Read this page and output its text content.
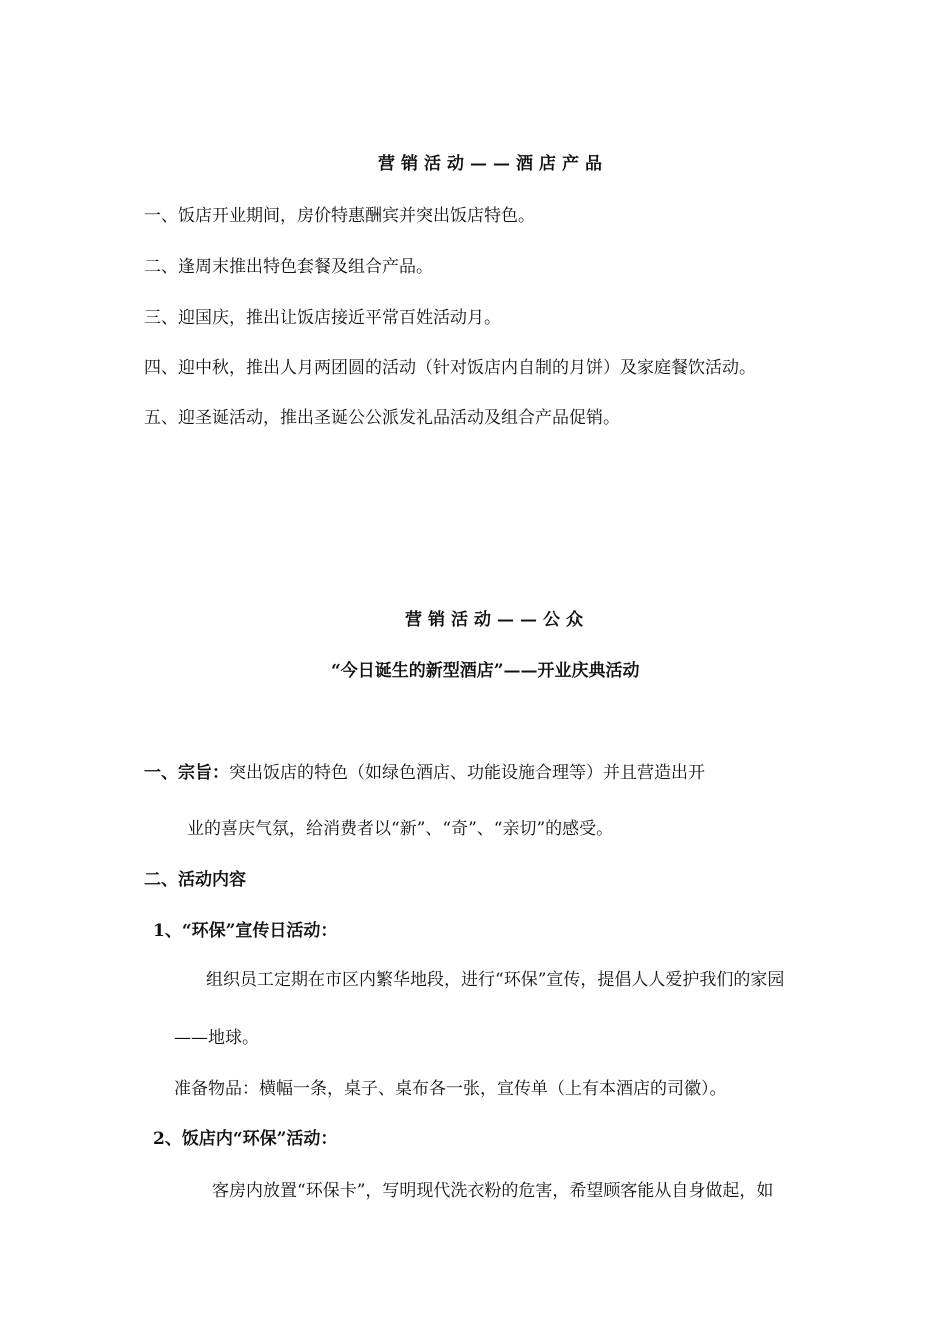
营销活动——酒店产品
一、饭店开业期间，房价特惠酬宾并突出饭店特色。
二、逢周末推出特色套餐及组合产品。
三、迎国庆，推出让饭店接近平常百姓活动月。
四、迎中秋，推出人月两团圆的活动（针对饭店内自制的月饼）及家庭餐饮活动。
五、迎圣诞活动，推出圣诞公公派发礼品活动及组合产品促销。
营销活动——公众
“今日诞生的新型酒店”——开业庆典活动
一、宗旨：突出饭店的特色（如绿色酒店、功能设施合理等）并且营造出开
业的喜庆气氛，给消费者以“新”、“奇”、“亲切”的感受。
二、活动内容
1、“环保”宣传日活动：
组织员工定期在市区内繁华地段，进行“环保”宣传，提倡人人爱护我们的家园
——地球。
准备物品：横幅一条，桌子、桌布各一张，宣传单（上有本酒店的司徽）。
2、饭店内“环保”活动：
客房内放置“环保卡”，写明现代洗衣粉的危害，希望顾客能从自身做起，如
